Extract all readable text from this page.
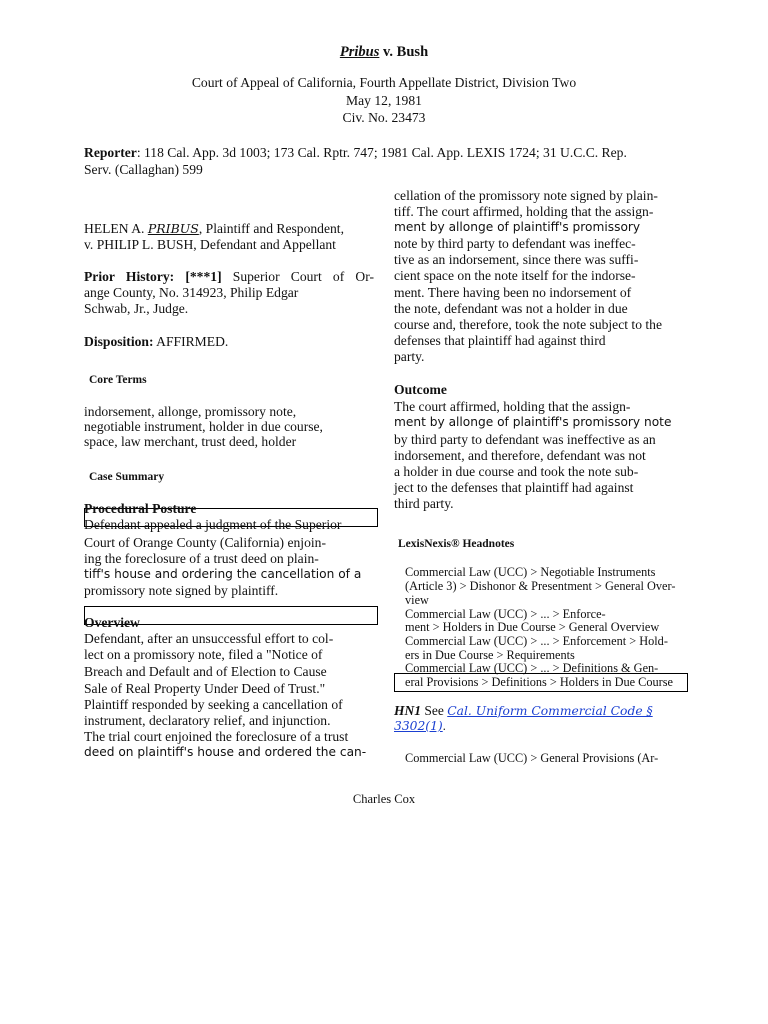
Pribus v. Bush
Court of Appeal of California, Fourth Appellate District, Division Two
May 12, 1981
Civ. No. 23473
Reporter: 118 Cal. App. 3d 1003; 173 Cal. Rptr. 747; 1981 Cal. App. LEXIS 1724; 31 U.C.C. Rep.
Serv. (Callaghan) 599
HELEN A. PRIBUS, Plaintiff and Respondent,
v. PHILIP L. BUSH, Defendant and Appellant
Prior History: [***1] Superior Court of Or-
ange County, No. 314923, Philip Edgar
Schwab, Jr., Judge.
Disposition: AFFIRMED.
Core Terms
indorsement, allonge, promissory note,
negotiable instrument, holder in due course,
space, law merchant, trust deed, holder
Case Summary
Procedural Posture
Defendant appealed a judgment of the Superior
Court of Orange County (California) enjoin-
ing the foreclosure of a trust deed on plain-
tiff's house and ordering the cancellation of a
promissory note signed by plaintiff.
Overview
Defendant, after an unsuccessful effort to col-
lect on a promissory note, filed a "Notice of
Breach and Default and of Election to Cause
Sale of Real Property Under Deed of Trust."
Plaintiff responded by seeking a cancellation of
instrument, declaratory relief, and injunction.
The trial court enjoined the foreclosure of a trust
deed on plaintiff's house and ordered the can-
cellation of the promissory note signed by plain-
tiff. The court affirmed, holding that the assign-
ment by allonge of plaintiff's promissory
note by third party to defendant was ineffec-
tive as an indorsement, since there was suffi-
cient space on the note itself for the indorse-
ment. There having been no indorsement of
the note, defendant was not a holder in due
course and, therefore, took the note subject to the
defenses that plaintiff had against third
party.
Outcome
The court affirmed, holding that the assign-
ment by allonge of plaintiff's promissory note
by third party to defendant was ineffective as an
indorsement, and therefore, defendant was not
a holder in due course and took the note sub-
ject to the defenses that plaintiff had against
third party.
LexisNexis® Headnotes
Commercial Law (UCC) > Negotiable Instruments
(Article 3) > Dishonor & Presentment > General Over-
view
Commercial Law (UCC) > ... > Enforce-
ment > Holders in Due Course > General Overview
Commercial Law (UCC) > ... > Enforcement > Hold-
ers in Due Course > Requirements
Commercial Law (UCC) > ... > Definitions & Gen-
eral Provisions > Definitions > Holders in Due Course
HN1 See Cal. Uniform Commercial Code §
3302(1).
Commercial Law (UCC) > General Provisions (Ar-
Charles Cox
